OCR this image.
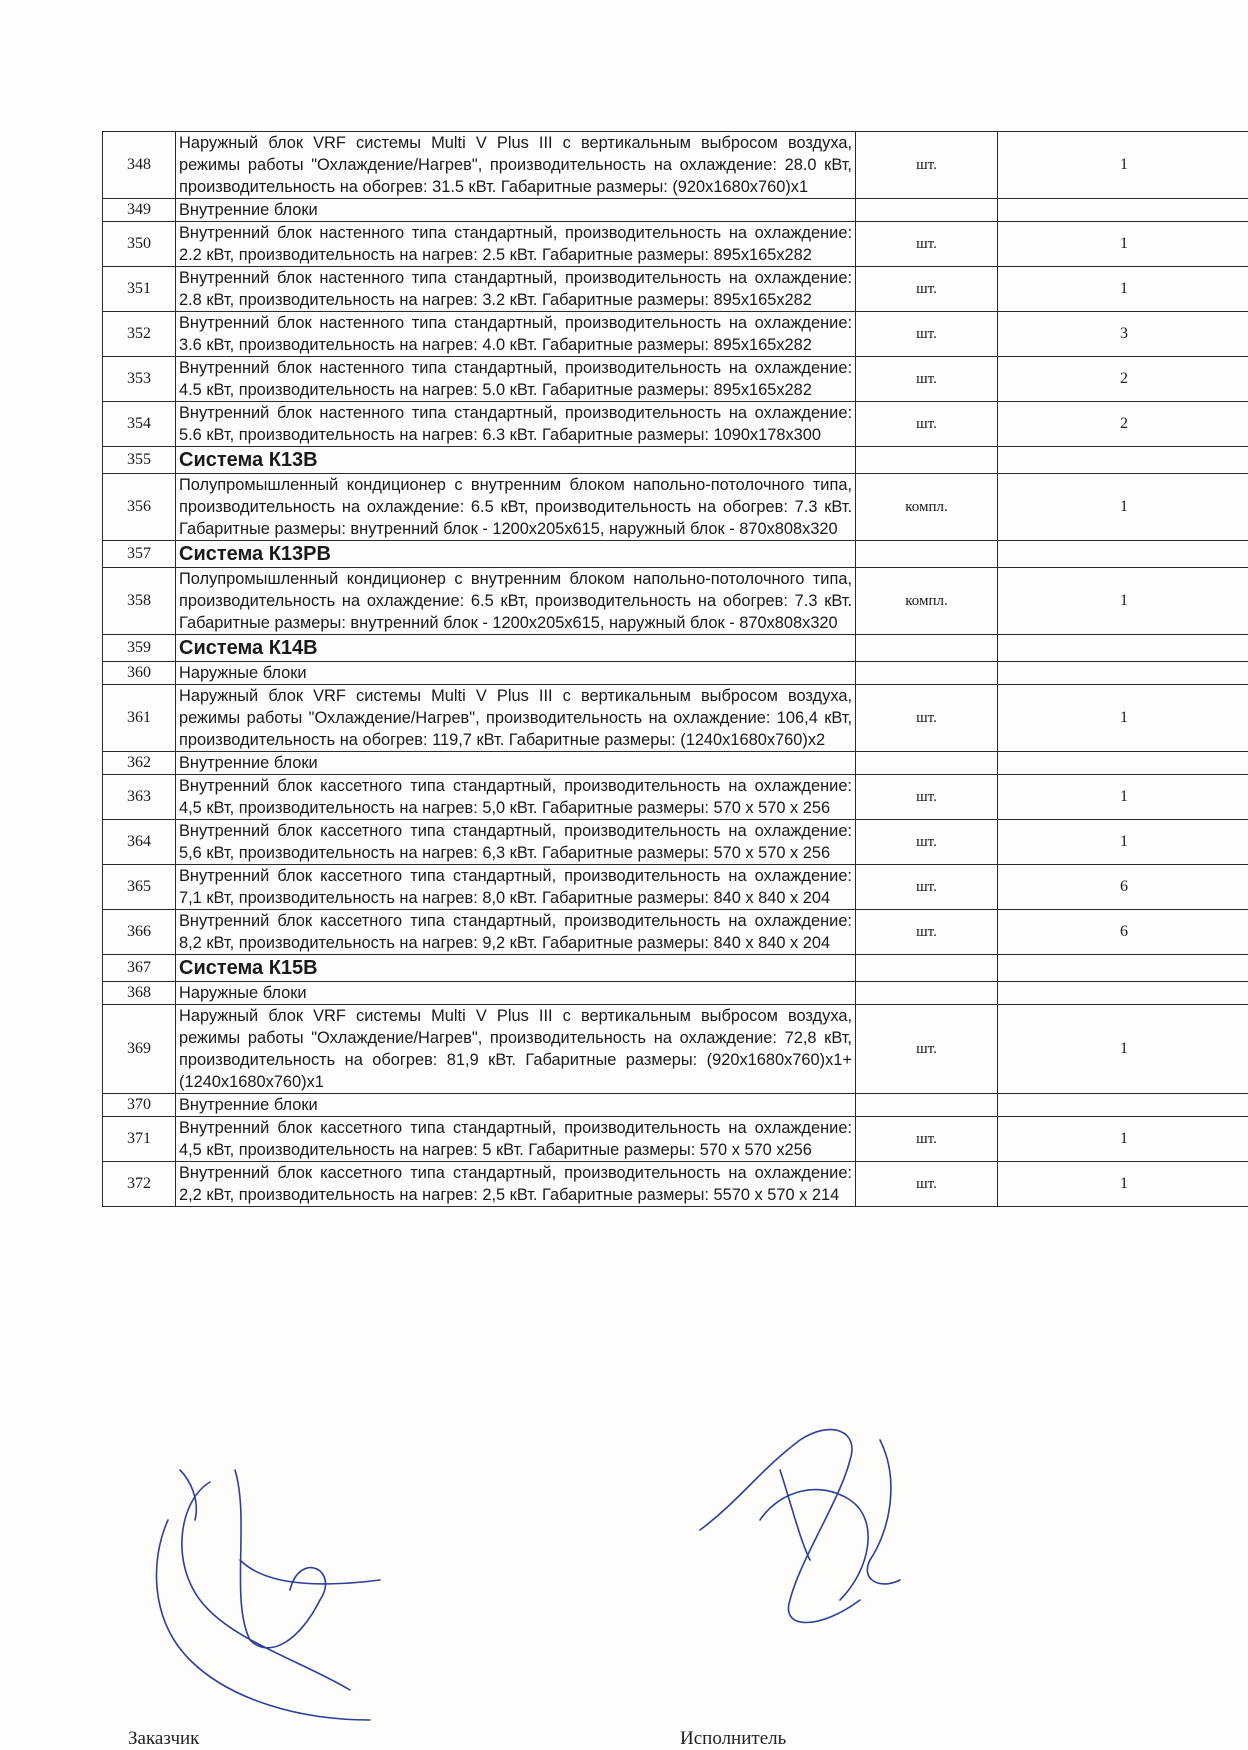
348	Наружный блок VRF системы Multi V Plus III с вертикальным выбросом воздуха, режимы работы "Охлаждение/Нагрев", производительность на охлаждение: 28.0 кВт, производительность на обогрев: 31.5 кВт. Габаритные размеры: (920x1680x760)x1	шт.	1
349	Внутренние блоки		
350	Внутренний блок настенного типа стандартный, производительность на охлаждение: 2.2 кВт, производительность на нагрев: 2.5 кВт. Габаритные размеры: 895x165x282	шт.	1
351	Внутренний блок настенного типа стандартный, производительность на охлаждение: 2.8 кВт, производительность на нагрев: 3.2 кВт. Габаритные размеры: 895x165x282	шт.	1
352	Внутренний блок настенного типа стандартный, производительность на охлаждение: 3.6 кВт, производительность на нагрев: 4.0 кВт. Габаритные размеры: 895x165x282	шт.	3
353	Внутренний блок настенного типа стандартный, производительность на охлаждение: 4.5 кВт, производительность на нагрев: 5.0 кВт. Габаритные размеры: 895x165x282	шт.	2
354	Внутренний блок настенного типа стандартный, производительность на охлаждение: 5.6 кВт, производительность на нагрев: 6.3 кВт. Габаритные размеры: 1090x178x300	шт.	2
355	Система К13В		
356	Полупромышленный кондиционер с внутренним блоком напольно-потолочного типа, производительность на охлаждение: 6.5 кВт, производительность на обогрев: 7.3 кВт. Габаритные размеры: внутренний блок - 1200x205x615, наружный блок - 870x808x320	компл.	1
357	Система К13РВ		
358	Полупромышленный кондиционер с внутренним блоком напольно-потолочного типа, производительность на охлаждение: 6.5 кВт, производительность на обогрев: 7.3 кВт. Габаритные размеры: внутренний блок - 1200x205x615, наружный блок - 870x808x320	компл.	1
359	Система К14В		
360	Наружные блоки		
361	Наружный блок VRF системы Multi V Plus III с вертикальным выбросом воздуха, режимы работы "Охлаждение/Нагрев", производительность на охлаждение: 106,4 кВт, производительность на обогрев: 119,7 кВт. Габаритные размеры: (1240x1680x760)x2	шт.	1
362	Внутренние блоки		
363	Внутренний блок кассетного типа стандартный, производительность на охлаждение: 4,5 кВт, производительность на нагрев: 5,0 кВт. Габаритные размеры: 570 x 570 x 256	шт.	1
364	Внутренний блок кассетного типа стандартный, производительность на охлаждение: 5,6 кВт, производительность на нагрев: 6,3 кВт. Габаритные размеры: 570 x 570 x 256	шт.	1
365	Внутренний блок кассетного типа стандартный, производительность на охлаждение: 7,1 кВт, производительность на нагрев: 8,0 кВт. Габаритные размеры: 840 x 840 x 204	шт.	6
366	Внутренний блок кассетного типа стандартный, производительность на охлаждение: 8,2 кВт, производительность на нагрев: 9,2 кВт. Габаритные размеры: 840 x 840 x 204	шт.	6
367	Система К15В		
368	Наружные блоки		
369	Наружный блок VRF системы Multi V Plus III с вертикальным выбросом воздуха, режимы работы "Охлаждение/Нагрев", производительность на охлаждение: 72,8 кВт, производительность на обогрев: 81,9 кВт. Габаритные размеры: (920x1680x760)x1+(1240x1680x760)x1	шт.	1
370	Внутренние блоки		
371	Внутренний блок кассетного типа стандартный, производительность на охлаждение: 4,5 кВт, производительность на нагрев: 5 кВт. Габаритные размеры: 570 x 570 x256	шт.	1
372	Внутренний блок кассетного типа стандартный, производительность на охлаждение: 2,2 кВт, производительность на нагрев: 2,5 кВт. Габаритные размеры: 5570 x 570 x 214	шт.	1
Заказчик	Исполнитель
